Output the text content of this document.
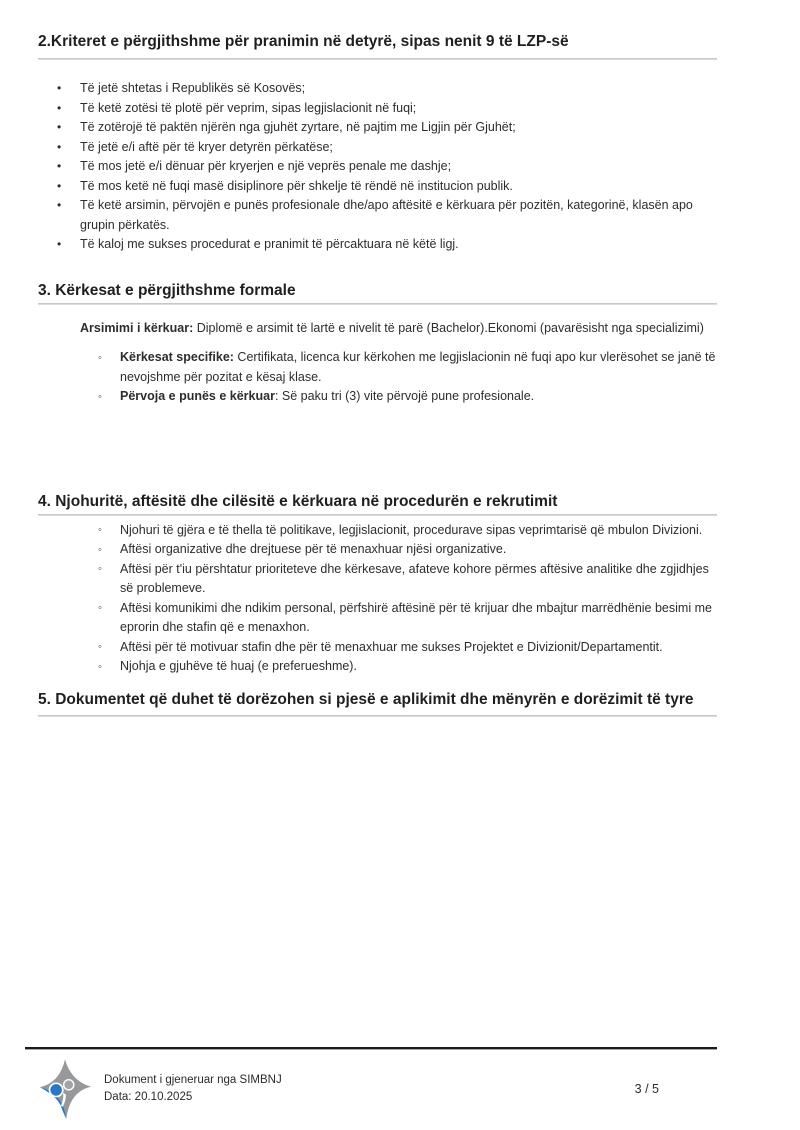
2.Kriteret e përgjithshme për pranimin në detyrë, sipas nenit 9 të LZP-së
• Të jetë shtetas i Republikës së Kosovës;
• Të ketë zotësi të plotë për veprim, sipas legjislacionit në fuqi;
• Të zotërojë të paktën njërën nga gjuhët zyrtare, në pajtim me Ligjin për Gjuhët;
• Të jetë e/i aftë për të kryer detyrën përkatëse;
• Të mos jetë e/i dënuar për kryerjen e një veprës penale me dashje;
• Të mos ketë në fuqi masë disiplinore për shkelje të rëndë në institucion publik.
• Të ketë arsimin, përvojën e punës profesionale dhe/apo aftësitë e kërkuara për pozitën, kategorinë, klasën apo grupin përkatës.
• Të kaloj me sukses procedurat e pranimit të përcaktuara në këtë ligj.
3. Kërkesat e përgjithshme formale

Arsimimi i kërkuar: Diplomë e arsimit të lartë e nivelit të parë (Bachelor).Ekonomi (pavarësisht nga specializimi)

◦ Kërkesat specifike: Certifikata, licenca kur kërkohen me legjislacionin në fuqi apo kur vlerësohet se janë të nevojshme për pozitat e kësaj klase.
◦ Përvoja e punës e kërkuar: Së paku tri (3) vite përvojë pune profesionale.
4. Njohuritë, aftësitë dhe cilësitë e kërkuara në procedurën e rekrutimit
◦ Njohuri të gjëra e të thella të politikave, legjislacionit, procedurave sipas veprimtarisë që mbulon Divizioni.
◦ Aftësi organizative dhe drejtuese për të menaxhuar njësi organizative.
◦ Aftësi për t'iu përshtatur prioriteteve dhe kërkesave, afateve kohore përmes aftësive analitike dhe zgjidhjes së problemeve.
◦ Aftësi komunikimi dhe ndikim personal, përfshirë aftësinë për të krijuar dhe mbajtur marrëdhënie besimi me eprorin dhe stafin që e menaxhon.
◦ Aftësi për të motivuar stafin dhe për të menaxhuar me sukses Projektet e Divizionit/Departamentit.
◦ Njohja e gjuhëve të huaj (e preferueshme).
5. Dokumentet që duhet të dorëzohen si pjesë e aplikimit dhe mënyrën e dorëzimit të tyre
Dokument i gjeneruar nga SIMBNJ
Data: 20.10.2025
3 / 5
